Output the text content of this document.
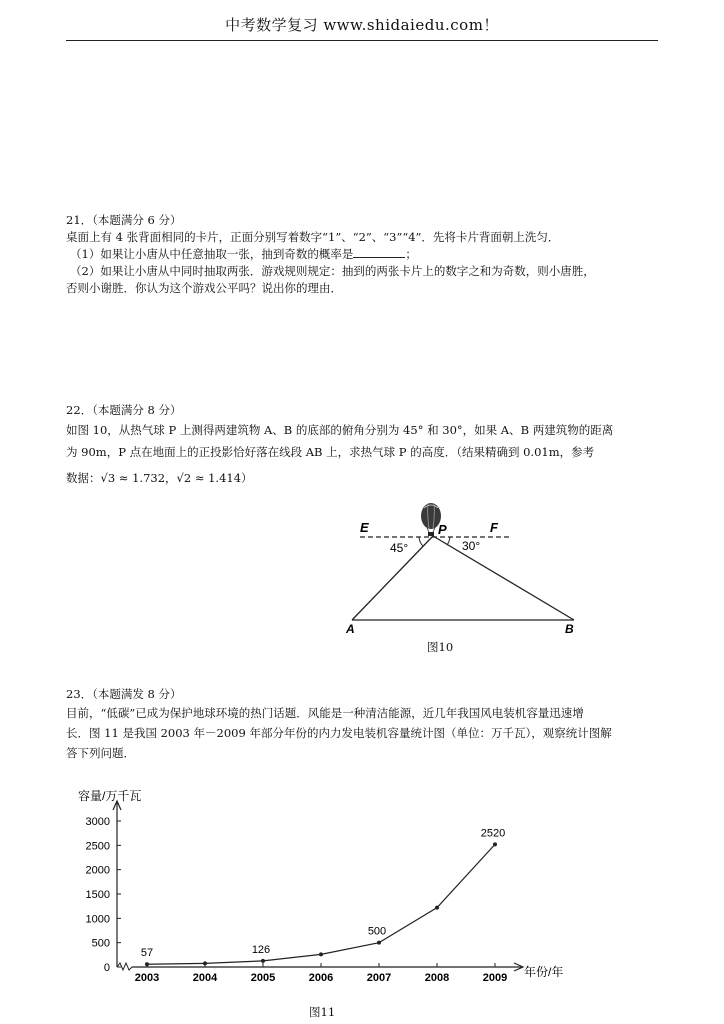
中考数学复习 www.shidaiedu.com！

21．（本题满分 6 分）

桌面上有 4 张背面相同的卡片，正面分别写着数字“1”、“2”、“3”“4”．先将卡片背面朝上洗匀．

（1）如果让小唐从中任意抽取一张，抽到奇数的概率是	；

（2）如果让小唐从中同时抽取两张．游戏规则规定：抽到的两张卡片上的数字之和为奇数，则小唐胜，

否则小谢胜．你认为这个游戏公平吗？说出你的理由．

22．（本题满分 8 分）

如图 10，从热气球 P 上测得两建筑物 A、B 的底部的俯角分别为 45° 和 30°，如果 A、B 两建筑物的距离

为 90m，P 点在地面上的正投影恰好落在线段 AB 上，求热气球 P 的高度．（结果精确到 0.01m，参考

数据：√3 ≈ 1.732，√2 ≈ 1.414）

E	P	F
45°	30°
A	B
图10

23．（本题满发 8 分）

目前，“低碳”已成为保护地球环境的热门话题．风能是一种清洁能源，近几年我国风电装机容量迅速增

长．图 11 是我国 2003 年－2009 年部分年份的内力发电装机容量统计图（单位：万千瓦），观察统计图解

答下列问题．

容量/万千瓦
年份/年
0
500
1000
1500
2000
2500
3000
2003	2004	2005	2006	2007	2008	2009
57	126
500
2520
图11
